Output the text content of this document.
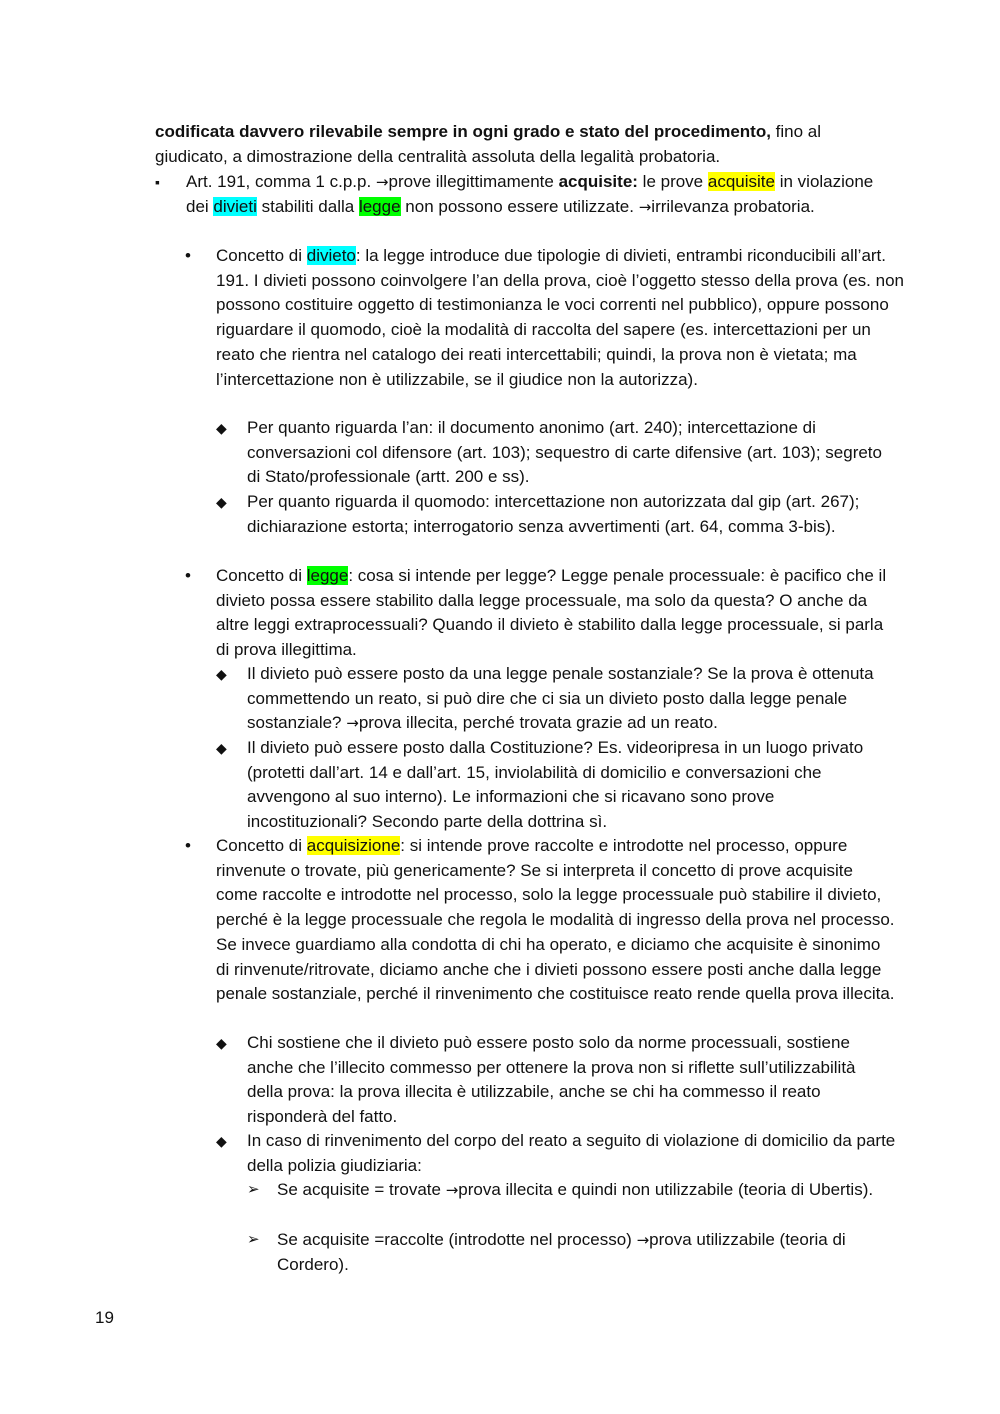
codificata davvero rilevabile sempre in ogni grado e stato del procedimento, fino al giudicato, a dimostrazione della centralità assoluta della legalità probatoria.
▪ Art. 191, comma 1 c.p.p. →prove illegittimamente acquisite: le prove acquisite in violazione dei divieti stabiliti dalla legge non possono essere utilizzate. →irrilevanza probatoria.
• Concetto di divieto: la legge introduce due tipologie di divieti, entrambi riconducibili all’art. 191. I divieti possono coinvolgere l’an della prova, cioè l’oggetto stesso della prova (es. non possono costituire oggetto di testimonianza le voci correnti nel pubblico), oppure possono riguardare il quomodo, cioè la modalità di raccolta del sapere (es. intercettazioni per un reato che rientra nel catalogo dei reati intercettabili; quindi, la prova non è vietata; ma l’intercettazione non è utilizzabile, se il giudice non la autorizza).
◆ Per quanto riguarda l’an: il documento anonimo (art. 240); intercettazione di conversazioni col difensore (art. 103); sequestro di carte difensive (art. 103); segreto di Stato/professionale (artt. 200 e ss).
◆ Per quanto riguarda il quomodo: intercettazione non autorizzata dal gip (art. 267); dichiarazione estorta; interrogatorio senza avvertimenti (art. 64, comma 3-bis).
• Concetto di legge: cosa si intende per legge? Legge penale processuale: è pacifico che il divieto possa essere stabilito dalla legge processuale, ma solo da questa? O anche da altre leggi extraprocessuali? Quando il divieto è stabilito dalla legge processuale, si parla di prova illegittima.
◆ Il divieto può essere posto da una legge penale sostanziale? Se la prova è ottenuta commettendo un reato, si può dire che ci sia un divieto posto dalla legge penale sostanziale? →prova illecita, perché trovata grazie ad un reato.
◆ Il divieto può essere posto dalla Costituzione? Es. videoripresa in un luogo privato (protetti dall’art. 14 e dall’art. 15, inviolabilità di domicilio e conversazioni che avvengono al suo interno). Le informazioni che si ricavano sono prove incostituzionali? Secondo parte della dottrina sì.
• Concetto di acquisizione: si intende prove raccolte e introdotte nel processo, oppure rinvenute o trovate, più genericamente? Se si interpreta il concetto di prove acquisite come raccolte e introdotte nel processo, solo la legge processuale può stabilire il divieto, perché è la legge processuale che regola le modalità di ingresso della prova nel processo. Se invece guardiamo alla condotta di chi ha operato, e diciamo che acquisite è sinonimo di rinvenute/ritrovate, diciamo anche che i divieti possono essere posti anche dalla legge penale sostanziale, perché il rinvenimento che costituisce reato rende quella prova illecita.
◆ Chi sostiene che il divieto può essere posto solo da norme processuali, sostiene anche che l’illecito commesso per ottenere la prova non si riflette sull’utilizzabilità della prova: la prova illecita è utilizzabile, anche se chi ha commesso il reato risponderà del fatto.
◆ In caso di rinvenimento del corpo del reato a seguito di violazione di domicilio da parte della polizia giudiziaria:
➢ Se acquisite = trovate →prova illecita e quindi non utilizzabile (teoria di Ubertis).
➢ Se acquisite =raccolte (introdotte nel processo) →prova utilizzabile (teoria di Cordero).
19
